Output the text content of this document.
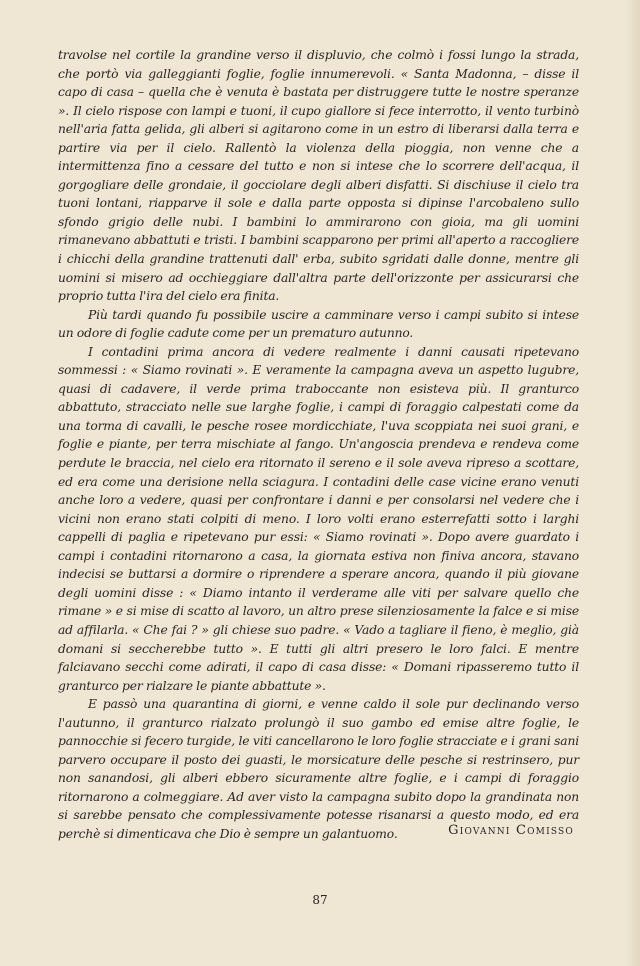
travolse nel cortile la grandine verso il displuvio, che colmò i fossi lungo la strada, che portò via galleggianti foglie, foglie innumerevoli. « Santa Madonna, – disse il capo di casa – quella che è venuta è bastata per distruggere tutte le nostre speranze ». Il cielo rispose con lampi e tuoni, il cupo giallore si fece interrotto, il vento turbinò nell'aria fatta gelida, gli alberi si agitarono come in un estro di liberarsi dalla terra e partire via per il cielo. Rallentò la violenza della pioggia, non venne che a intermittenza fino a cessare del tutto e non si intese che lo scorrere dell'acqua, il gorgogliare delle grondaie, il gocciolare degli alberi disfatti. Si dischiuse il cielo tra tuoni lontani, riapparve il sole e dalla parte opposta si dipinse l'arcobaleno sullo sfondo grigio delle nubi. I bambini lo ammirarono con gioia, ma gli uomini rimanevano abbattuti e tristi. I bambini scapparono per primi all'aperto a raccogliere i chicchi della grandine trattenuti dall' erba, subito sgridati dalle donne, mentre gli uomini si misero ad occhieggiare dall'altra parte dell'orizzonte per assicurarsi che proprio tutta l'ira del cielo era finita.

Più tardi quando fu possibile uscire a camminare verso i campi subito si intese un odore di foglie cadute come per un prematuro autunno.

I contadini prima ancora di vedere realmente i danni causati ripetevano sommessi : « Siamo rovinati ». E veramente la campagna aveva un aspetto lugubre, quasi di cadavere, il verde prima traboccante non esisteva più. Il granturco abbattuto, stracciato nelle sue larghe foglie, i campi di foraggio calpestati come da una torma di cavalli, le pesche rosee mordicchiate, l'uva scoppiata nei suoi grani, e foglie e piante, per terra mischiate al fango. Un'angoscia prendeva e rendeva come perdute le braccia, nel cielo era ritornato il sereno e il sole aveva ripreso a scottare, ed era come una derisione nella sciagura. I contadini delle case vicine erano venuti anche loro a vedere, quasi per confrontare i danni e per consolarsi nel vedere che i vicini non erano stati colpiti di meno. I loro volti erano esterrefatti sotto i larghi cappelli di paglia e ripetevano pur essi: « Siamo rovinati ». Dopo avere guardato i campi i contadini ritornarono a casa, la giornata estiva non finiva ancora, stavano indecisi se buttarsi a dormire o riprendere a sperare ancora, quando il più giovane degli uomini disse : « Diamo intanto il verderame alle viti per salvare quello che rimane » e si mise di scatto al lavoro, un altro prese silenziosamente la falce e si mise ad affilarla. « Che fai ? » gli chiese suo padre. « Vado a tagliare il fieno, è meglio, già domani si seccherebbe tutto ». E tutti gli altri presero le loro falci. E mentre falciavano secchi come adirati, il capo di casa disse: « Domani ripasseremo tutto il granturco per rialzare le piante abbattute ».

E passò una quarantina di giorni, e venne caldo il sole pur declinando verso l'autunno, il granturco rialzato prolungò il suo gambo ed emise altre foglie, le pannocchie si fecero turgide, le viti cancellarono le loro foglie stracciate e i grani sani parvero occupare il posto dei guasti, le morsicature delle pesche si restrinsero, pur non sanandosi, gli alberi ebbero sicuramente altre foglie, e i campi di foraggio ritornarono a colmeggiare. Ad aver visto la campagna subito dopo la grandinata non si sarebbe pensato che complessivamente potesse risanarsi a questo modo, ed era perchè si dimenticava che Dio è sempre un galantuomo.	Giovanni Comisso
87
